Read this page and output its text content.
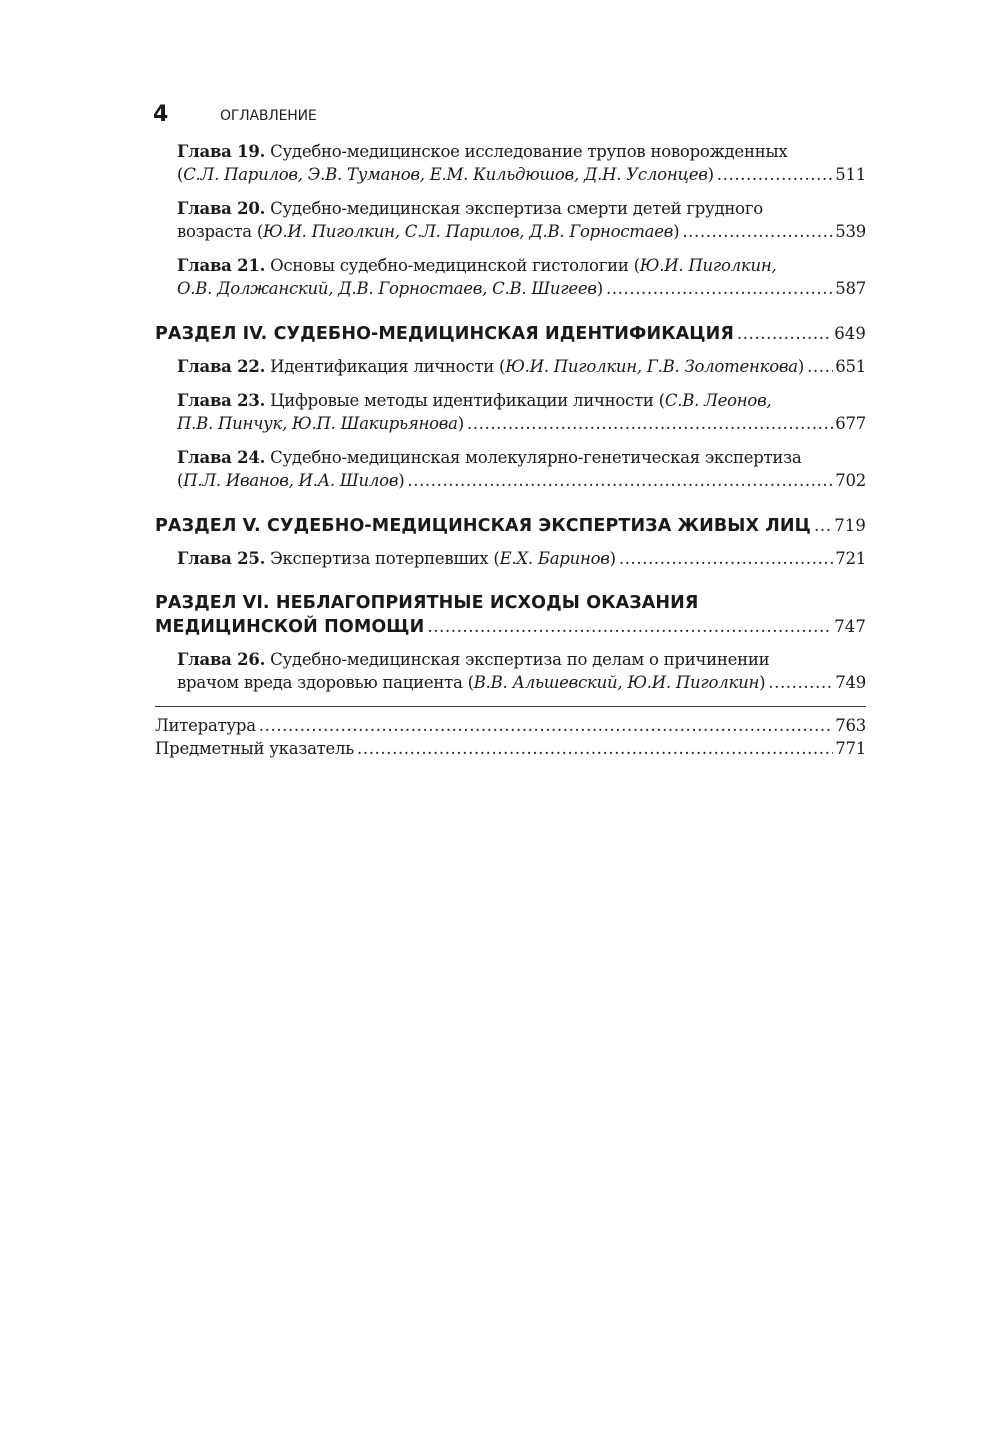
4	ОГЛАВЛЕНИЕ
Глава 19. Судебно-медицинское исследование трупов новорожденных
( С.Л. Парилов, Э.В. Туманов, Е.М. Кильдюшов, Д.Н. Услонцев ) .....	511
Глава 20. Судебно-медицинская экспертиза смерти детей грудного
возраста ( Ю.И. Пиголкин, С.Л. Парилов, Д.В. Горностаев ) .....	539
Глава 21. Основы судебно-медицинской гистологии (Ю.И. Пиголкин,
О.В. Должанский, Д.В. Горностаев, С.В. Шигеев ) .....	587
РАЗДЕЛ IV. СУДЕБНО-МЕДИЦИНСКАЯ ИДЕНТИФИКАЦИЯ .....	649
Глава 22.
Идентификация личности ( Ю.И. Пиголкин, Г.В. Золотенкова ) ..... 651
Глава 23. Цифровые методы идентификации личности (С.В. Леонов,
П.В. Пинчук, Ю.П. Шакирьянова ) .....	677
Глава 24. Судебно-медицинская молекулярно-генетическая экспертиза
( П.Л. Иванов, И.А. Шилов ) .....	702
РАЗДЕЛ V. СУДЕБНО-МЕДИЦИНСКАЯ ЭКСПЕРТИЗА ЖИВЫХ ЛИЦ ..... 719
Глава 25.
Экспертиза потерпевших ( Е.Х. Баринов ) .....	721
РАЗДЕЛ VI. НЕБЛАГОПРИЯТНЫЕ ИСХОДЫ ОКАЗАНИЯ
МЕДИЦИНСКОЙ ПОМОЩИ .....	747
Глава 26. Судебно-медицинская экспертиза по делам о причинении
врачом вреда здоровью пациента ( В.В. Альшевский, Ю.И. Пиголкин ) .....	749
Литература .....	763
Предметный указатель .....	771
